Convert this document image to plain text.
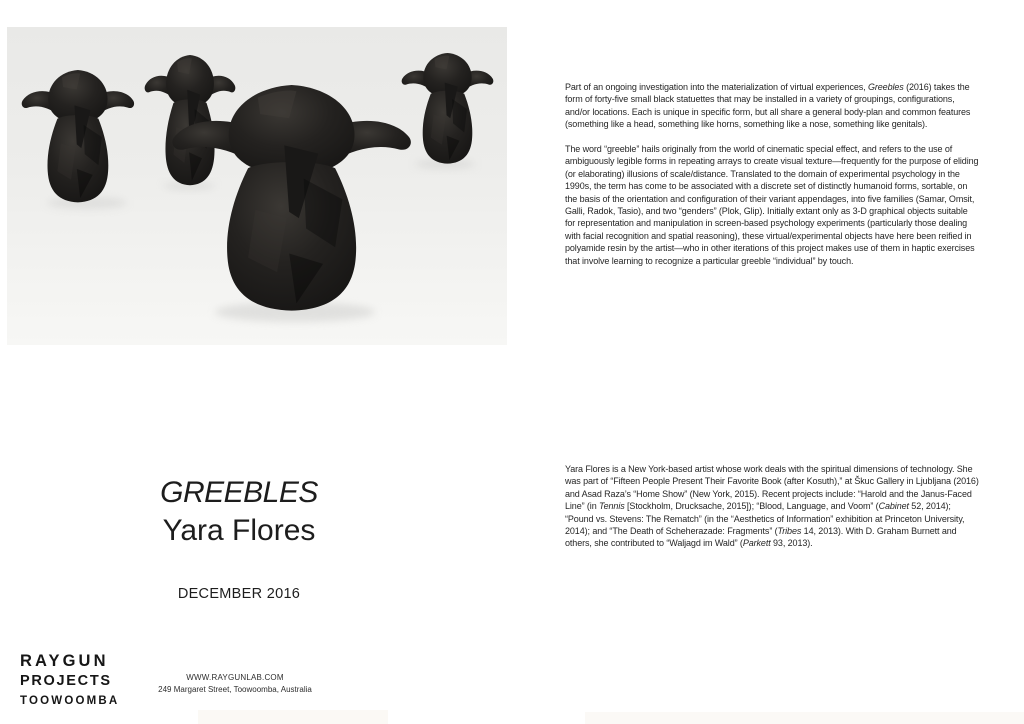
Part of an ongoing investigation into the materialization of virtual experiences, Greebles (2016) takes the form of forty-five small black statuettes that may be installed in a variety of groupings, configurations, and/or locations. Each is unique in specific form, but all share a general body-plan and common features (something like a head, something like horns, something like a nose, something like genitals).

The word “greeble” hails originally from the world of cinematic special effect, and refers to the use of ambiguously legible forms in repeating arrays to create visual texture—frequently for the purpose of eliding (or elaborating) illusions of scale/distance. Translated to the domain of experimental psychology in the 1990s, the term has come to be associated with a discrete set of distinctly humanoid forms, sortable, on the basis of the orientation and configuration of their variant appendages, into five families (Samar, Omsit, Galli, Radok, Tasio), and two “genders” (Plok, Glip). Initially extant only as 3-D graphical objects suitable for representation and manipulation in screen-based psychology experiments (particularly those dealing with facial recognition and spatial reasoning), these virtual/experimental objects have here been reified in polyamide resin by the artist—who in other iterations of this project makes use of them in haptic exercises that involve learning to recognize a particular greeble “individual” by touch.

GREEBLES
Yara Flores
DECEMBER 2016

Yara Flores is a New York-based artist whose work deals with the spiritual dimensions of technology. She was part of “Fifteen People Present Their Favorite Book (after Kosuth),” at Škuc Gallery in Ljubljana (2016) and Asad Raza’s “Home Show” (New York, 2015). Recent projects include: “Harold and the Janus-Faced Line” (in Tennis [Stockholm, Drucksache, 2015]); “Blood, Language, and Voom” (Cabinet 52, 2014); “Pound vs. Stevens: The Rematch” (in the “Aesthetics of Information” exhibition at Princeton University, 2014); and “The Death of Scheherazade: Fragments” (Tribes 14, 2013). With D. Graham Burnett and others, she contributed to “Waljagd im Wald” (Parkett 93, 2013).

RAYGUN
PROJECTS
TOOWOOMBA
WWW.RAYGUNLAB.COM
249 Margaret Street, Toowoomba, Australia
